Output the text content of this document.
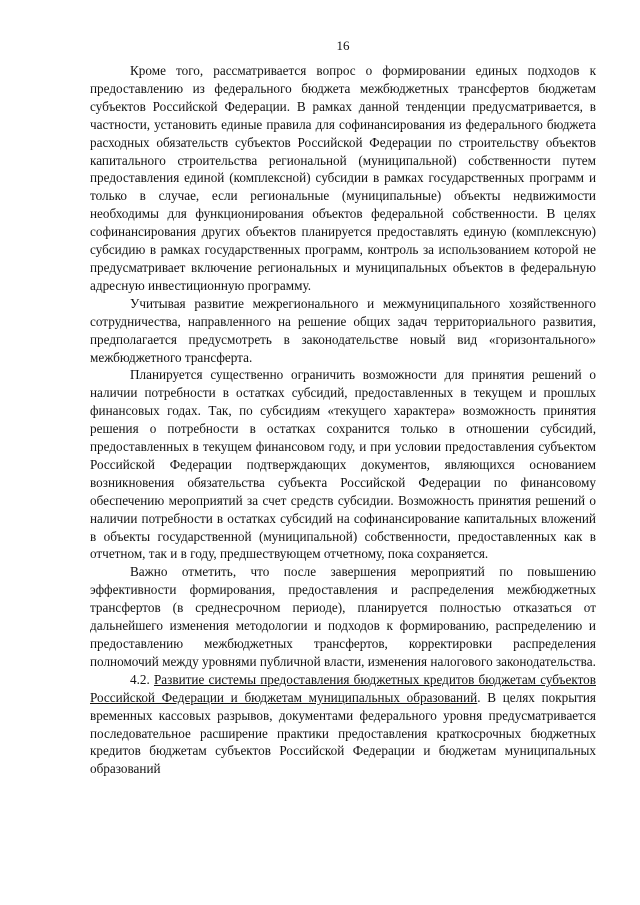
16

Кроме того, рассматривается вопрос о формировании единых подходов к предоставлению из федерального бюджета межбюджетных трансфертов бюджетам субъектов Российской Федерации. В рамках данной тенденции предусматривается, в частности, установить единые правила для софинансирования из федерального бюджета расходных обязательств субъектов Российской Федерации по строительству объектов капитального строительства региональной (муниципальной) собственности путем предоставления единой (комплексной) субсидии в рамках государственных программ и только в случае, если региональные (муниципальные) объекты недвижимости необходимы для функционирования объектов федеральной собственности. В целях софинансирования других объектов планируется предоставлять единую (комплексную) субсидию в рамках государственных программ, контроль за использованием которой не предусматривает включение региональных и муниципальных объектов в федеральную адресную инвестиционную программу.

Учитывая развитие межрегионального и межмуниципального хозяйственного сотрудничества, направленного на решение общих задач территориального развития, предполагается предусмотреть в законодательстве новый вид «горизонтального» межбюджетного трансферта.

Планируется существенно ограничить возможности для принятия решений о наличии потребности в остатках субсидий, предоставленных в текущем и прошлых финансовых годах. Так, по субсидиям «текущего характера» возможность принятия решения о потребности в остатках сохранится только в отношении субсидий, предоставленных в текущем финансовом году, и при условии предоставления субъектом Российской Федерации подтверждающих документов, являющихся основанием возникновения обязательства субъекта Российской Федерации по финансовому обеспечению мероприятий за счет средств субсидии. Возможность принятия решений о наличии потребности в остатках субсидий на софинансирование капитальных вложений в объекты государственной (муниципальной) собственности, предоставленных как в отчетном, так и в году, предшествующем отчетному, пока сохраняется.

Важно отметить, что после завершения мероприятий по повышению эффективности формирования, предоставления и распределения межбюджетных трансфертов (в среднесрочном периоде), планируется полностью отказаться от дальнейшего изменения методологии и подходов к формированию, распределению и предоставлению межбюджетных трансфертов, корректировки распределения полномочий между уровнями публичной власти, изменения налогового законодательства.

4.2. Развитие системы предоставления бюджетных кредитов бюджетам субъектов Российской Федерации и бюджетам муниципальных образований. В целях покрытия временных кассовых разрывов, документами федерального уровня предусматривается последовательное расширение практики предоставления краткосрочных бюджетных кредитов бюджетам субъектов Российской Федерации и бюджетам муниципальных образований
